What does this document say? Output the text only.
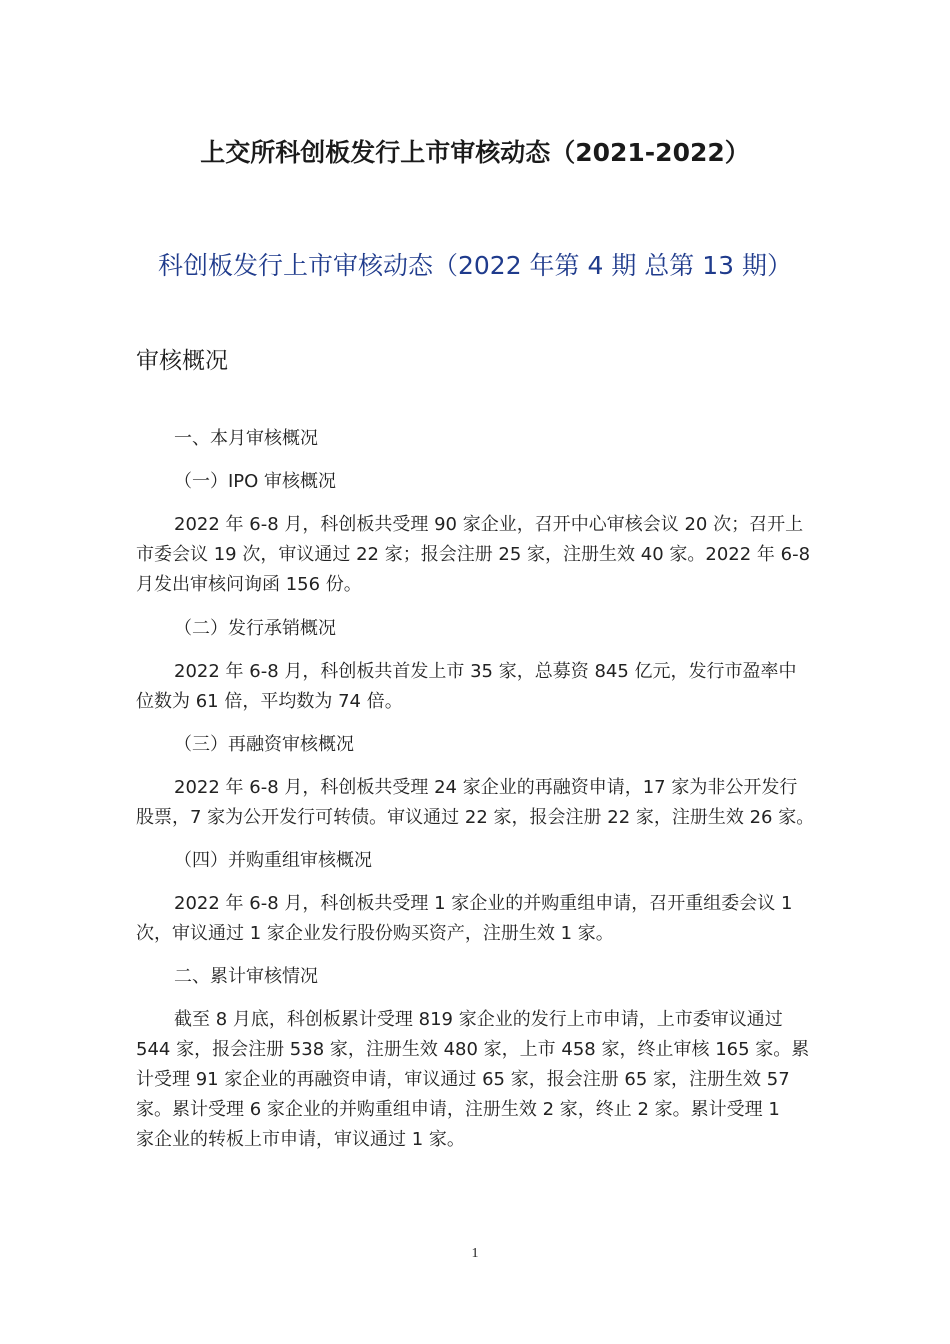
上交所科创板发行上市审核动态（2021-2022）
科创板发行上市审核动态（2022 年第 4 期 总第 13 期）
审核概况
一、本月审核概况
（一）IPO 审核概况
2022 年 6-8 月，科创板共受理 90 家企业，召开中心审核会议 20 次；召开上
市委会议 19 次，审议通过 22 家；报会注册 25 家，注册生效 40 家。2022 年 6-8
月发出审核问询函 156 份。
（二）发行承销概况
2022 年 6-8 月，科创板共首发上市 35 家，总募资 845 亿元，发行市盈率中
位数为 61 倍，平均数为 74 倍。
（三）再融资审核概况
2022 年 6-8 月，科创板共受理 24 家企业的再融资申请，17 家为非公开发行
股票，7 家为公开发行可转债。审议通过 22 家，报会注册 22 家，注册生效 26 家。
（四）并购重组审核概况
2022 年 6-8 月，科创板共受理 1 家企业的并购重组申请，召开重组委会议 1
次，审议通过 1 家企业发行股份购买资产，注册生效 1 家。
二、累计审核情况
截至 8 月底，科创板累计受理 819 家企业的发行上市申请，上市委审议通过
544 家，报会注册 538 家，注册生效 480 家，上市 458 家，终止审核 165 家。累
计受理 91 家企业的再融资申请，审议通过 65 家，报会注册 65 家，注册生效 57
家。累计受理 6 家企业的并购重组申请，注册生效 2 家，终止 2 家。累计受理 1
家企业的转板上市申请，审议通过 1 家。
1
